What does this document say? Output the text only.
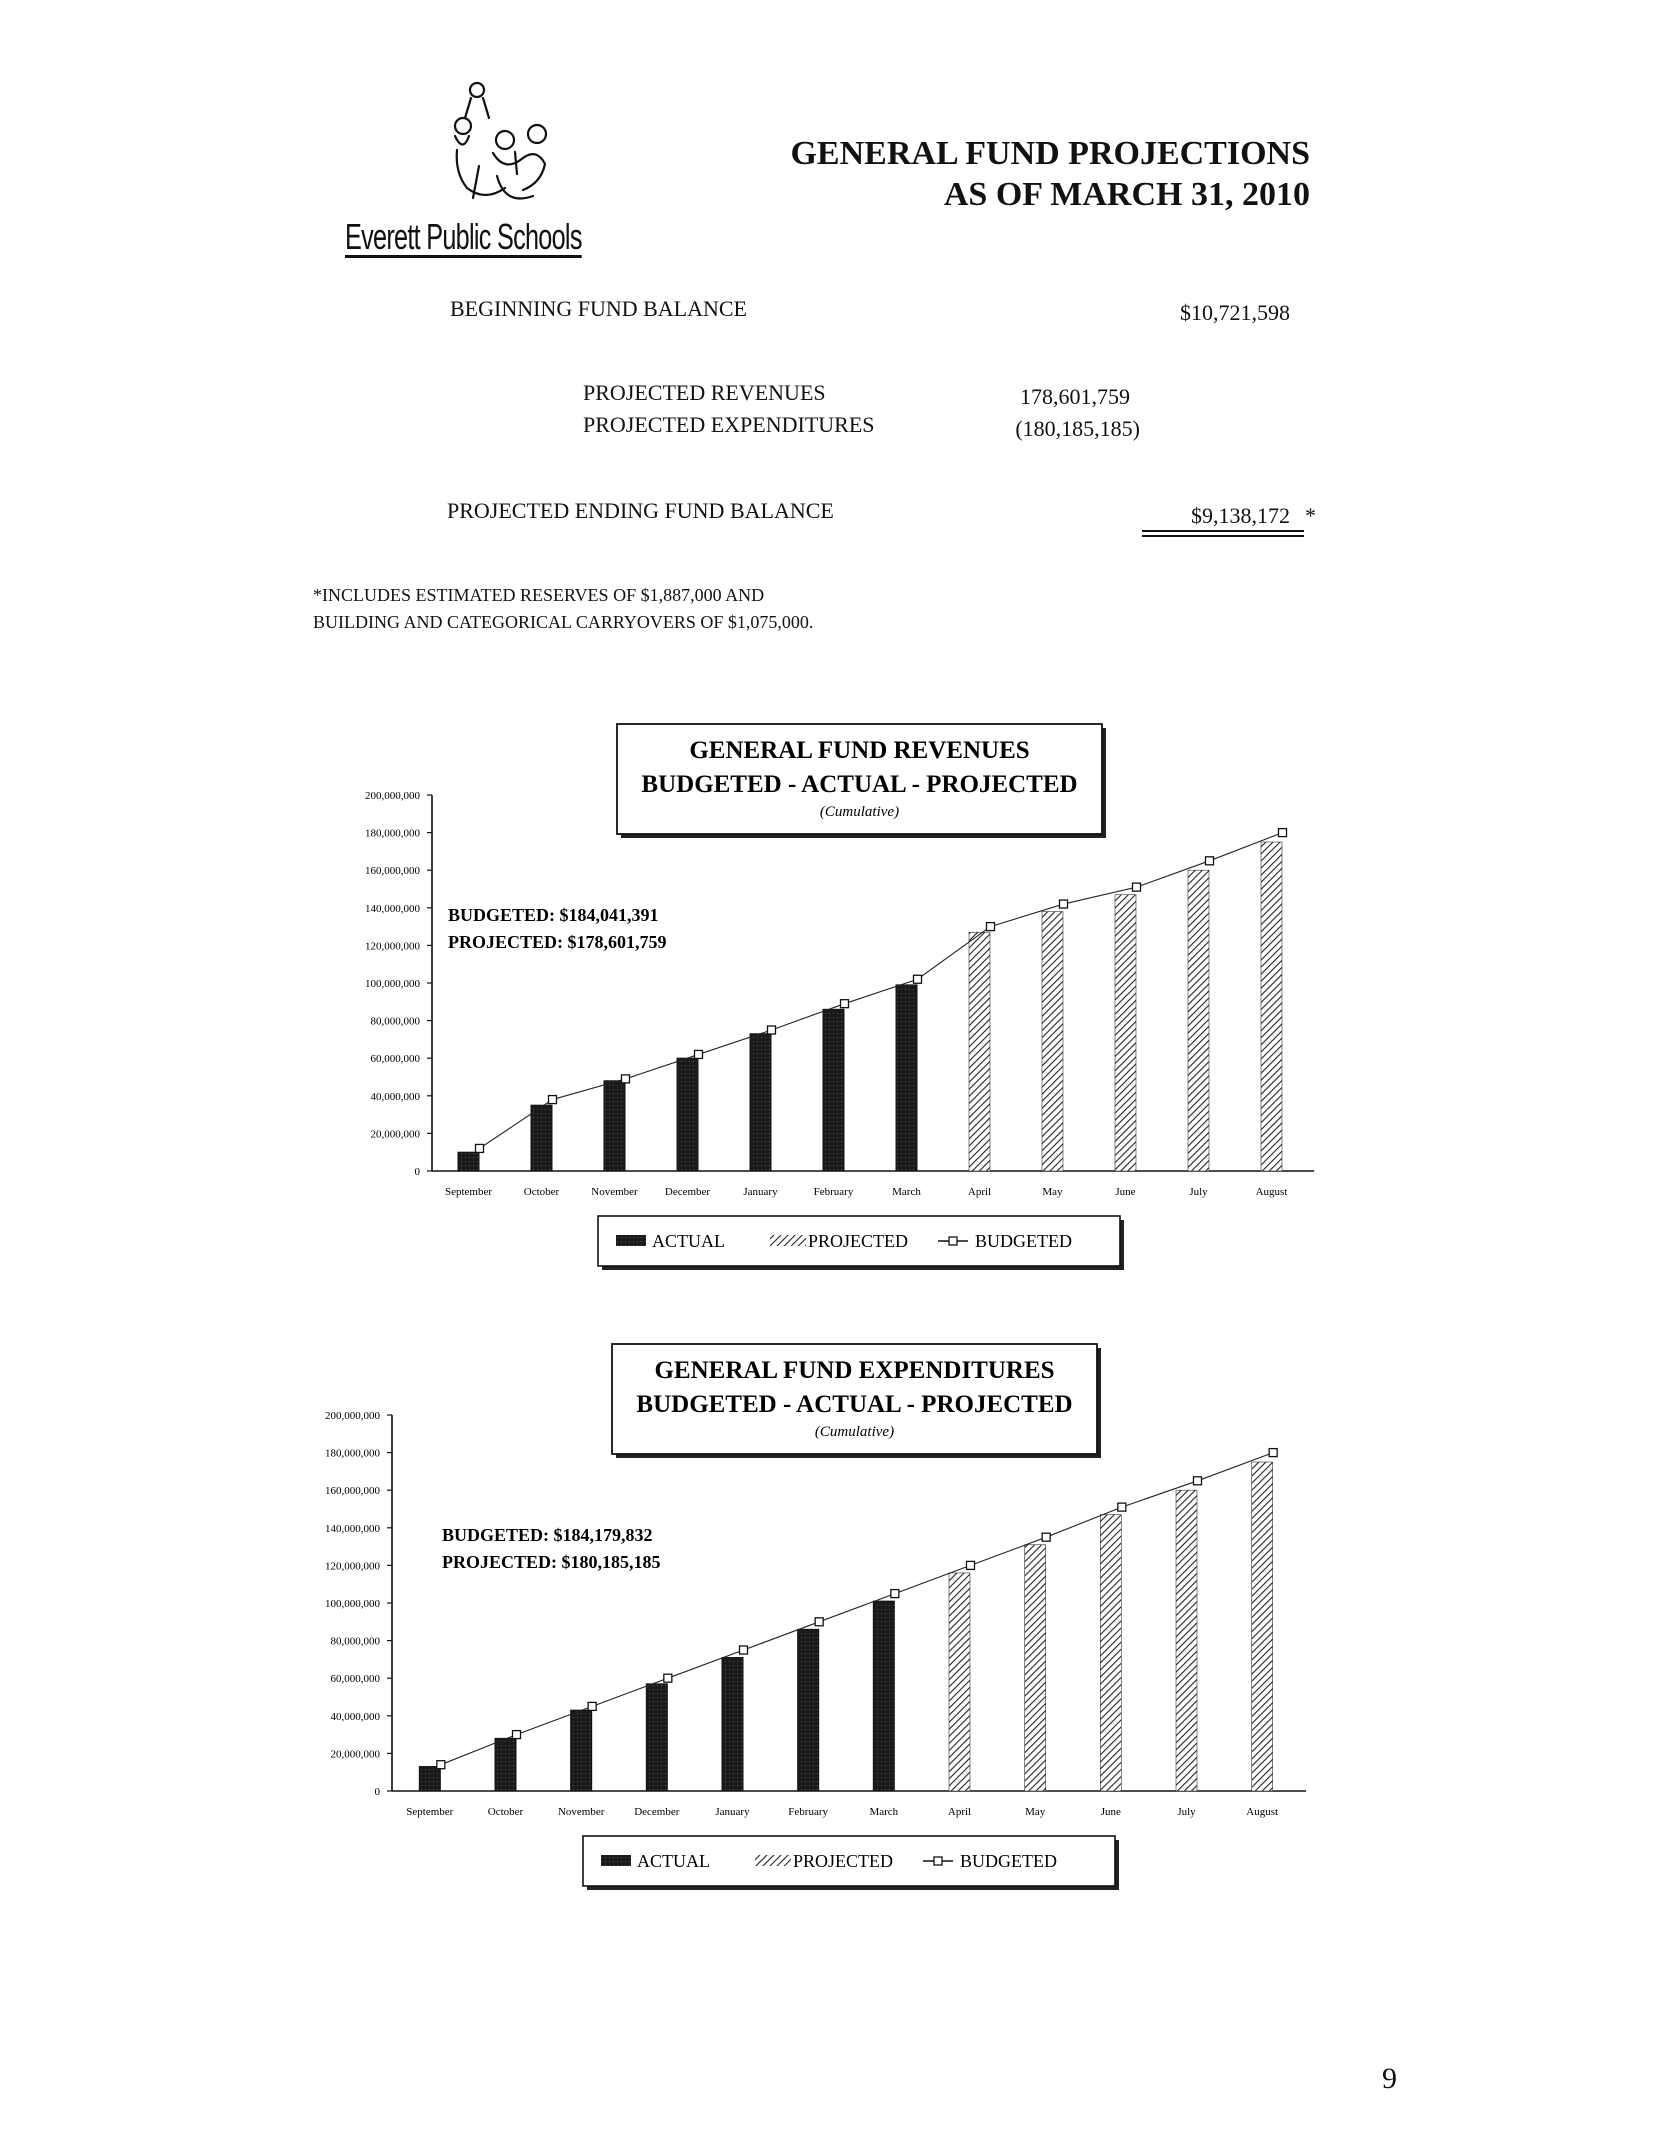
Everett Public Schools
GENERAL FUND PROJECTIONS
AS OF MARCH 31, 2010
BEGINNING FUND BALANCE	$10,721,598
PROJECTED REVENUES	178,601,759
PROJECTED EXPENDITURES	(180,185,185)
PROJECTED ENDING FUND BALANCE	$9,138,172 *
*INCLUDES ESTIMATED RESERVES OF $1,887,000 AND
BUILDING AND CATEGORICAL CARRYOVERS OF $1,075,000.
GENERAL FUND REVENUES
BUDGETED - ACTUAL - PROJECTED
(Cumulative)
0
20,000,000
40,000,000
60,000,000
80,000,000
100,000,000
120,000,000
140,000,000
160,000,000
180,000,000
200,000,000
September	October	November December	January	February	March	April	May	June	July	August
BUDGETED: $184,041,391
PROJECTED: $178,601,759
ACTUAL	PROJECTED	BUDGETED
GENERAL FUND EXPENDITURES
BUDGETED - ACTUAL - PROJECTED
(Cumulative)
0
20,000,000
40,000,000
60,000,000
80,000,000
100,000,000
120,000,000
140,000,000
160,000,000
180,000,000
200,000,000
September	October	November	December	January	February	March	April	May	June	July	August
BUDGETED: $184,179,832
PROJECTED: $180,185,185
ACTUAL	PROJECTED	BUDGETED
9
